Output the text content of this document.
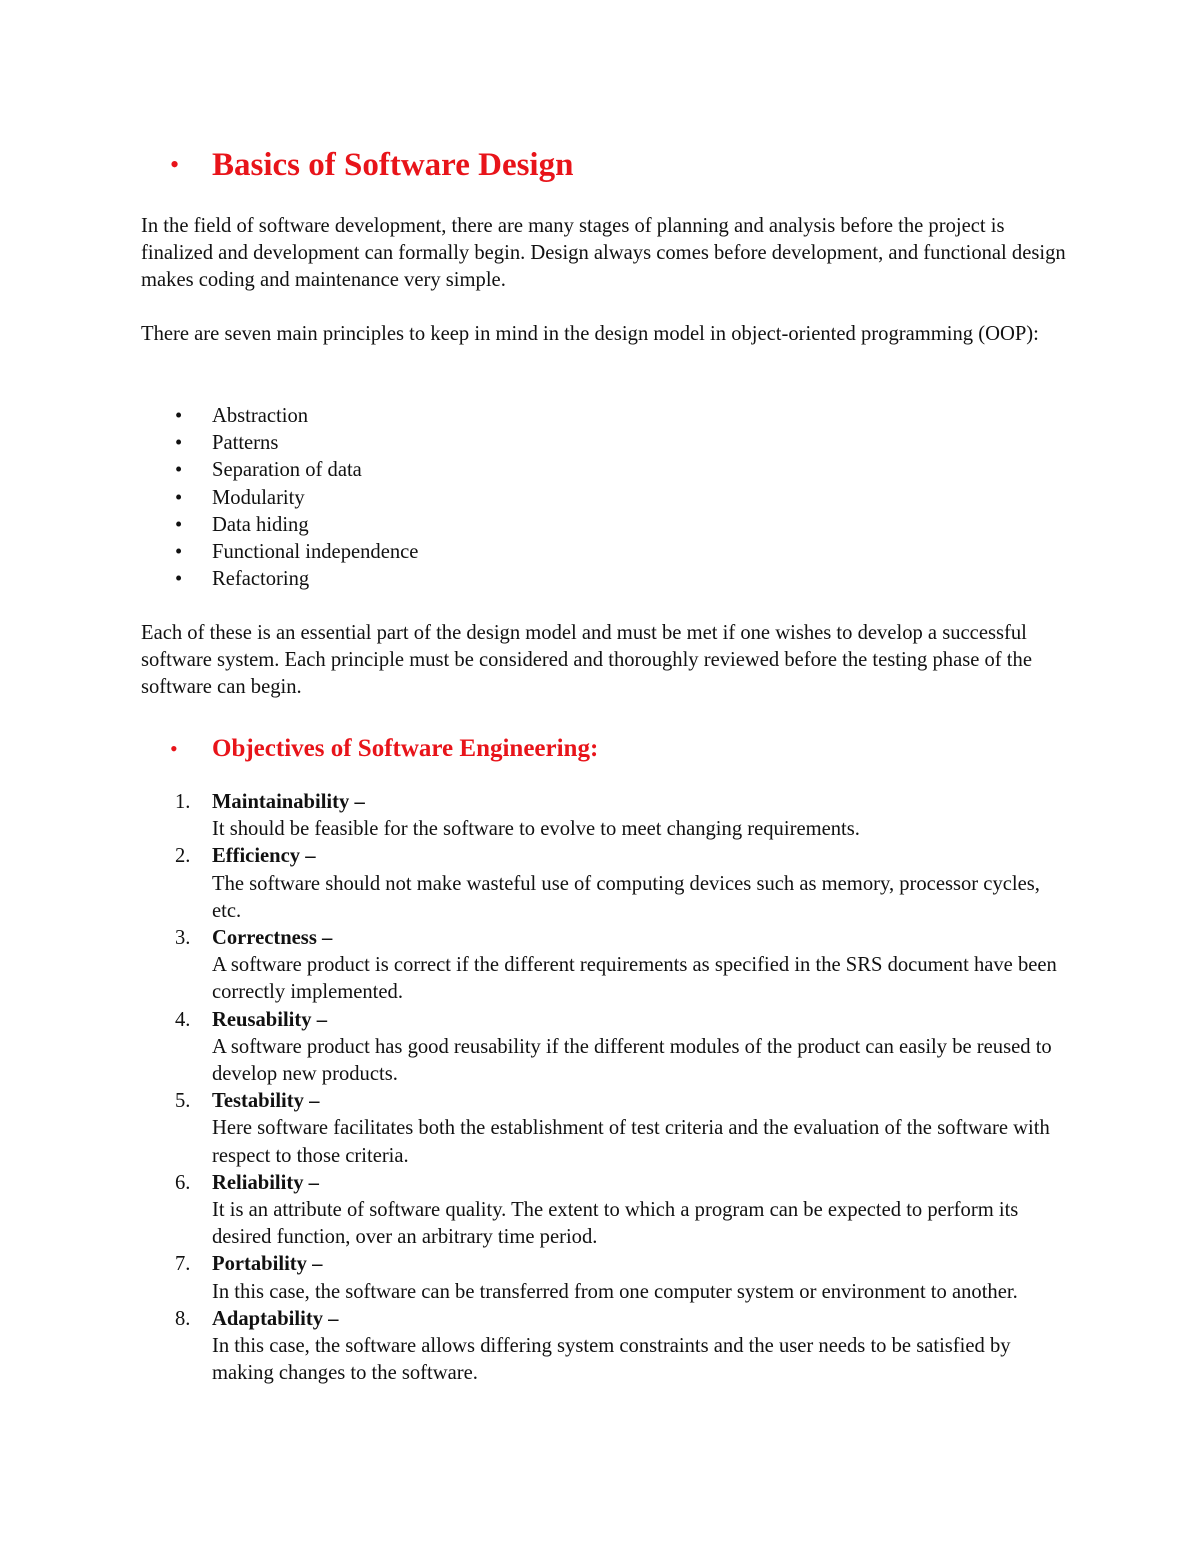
• Basics of Software Design

In the field of software development, there are many stages of planning and analysis before the project is finalized and development can formally begin. Design always comes before development, and functional design makes coding and maintenance very simple.

There are seven main principles to keep in mind in the design model in object-oriented programming (OOP):

• Abstraction
• Patterns
• Separation of data
• Modularity
• Data hiding
• Functional independence
• Refactoring

Each of these is an essential part of the design model and must be met if one wishes to develop a successful software system. Each principle must be considered and thoroughly reviewed before the testing phase of the software can begin.

• Objectives of Software Engineering:
1. Maintainability –
It should be feasible for the software to evolve to meet changing requirements.
2. Efficiency –
The software should not make wasteful use of computing devices such as memory, processor cycles, etc.
3. Correctness –
A software product is correct if the different requirements as specified in the SRS document have been correctly implemented.
4. Reusability –
A software product has good reusability if the different modules of the product can easily be reused to develop new products.
5. Testability –
Here software facilitates both the establishment of test criteria and the evaluation of the software with respect to those criteria.
6. Reliability –
It is an attribute of software quality. The extent to which a program can be expected to perform its desired function, over an arbitrary time period.
7. Portability –
In this case, the software can be transferred from one computer system or environment to another.
8. Adaptability –
In this case, the software allows differing system constraints and the user needs to be satisfied by making changes to the software.
